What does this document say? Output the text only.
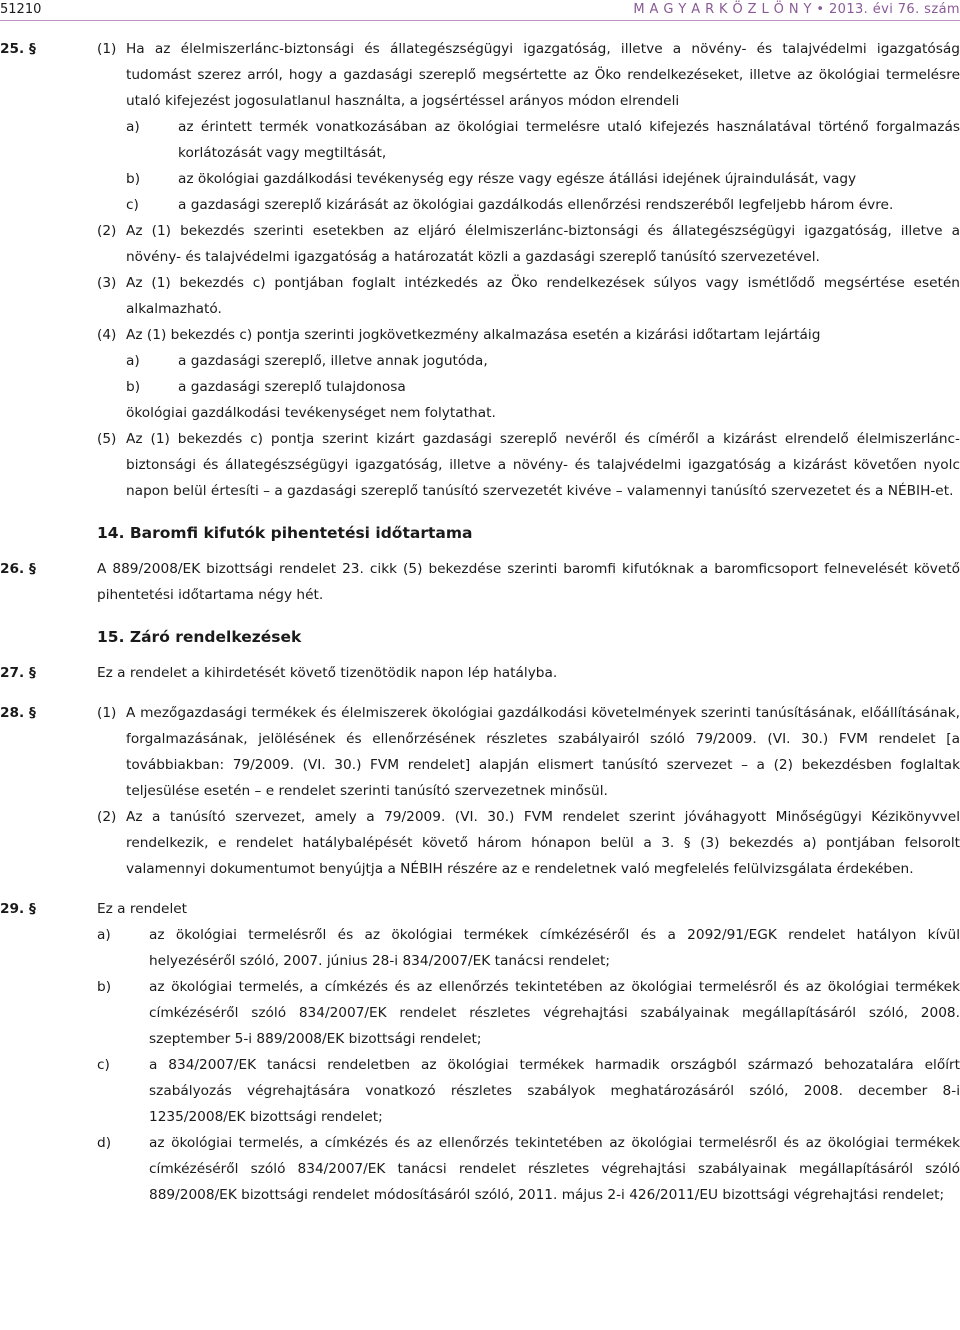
51210	M A G Y A R K Ö Z L Ö N Y • 2013. évi 76. szám
25. §	(1) Ha az élelmiszerlánc-biztonsági és állategészségügyi igazgatóság, illetve a növény- és talajvédelmi igazgatóság tudomást szerez arról, hogy a gazdasági szereplő megsértette az Öko rendelkezéseket, illetve az ökológiai termelésre utaló kifejezést jogosulatlanul használta, a jogsértéssel arányos módon elrendeli
a)	az érintett termék vonatkozásában az ökológiai termelésre utaló kifejezés használatával történő forgalmazás korlátozását vagy megtiltását,
b)	az ökológiai gazdálkodási tevékenység egy része vagy egésze átállási idejének újraindulását, vagy
c)	a gazdasági szereplő kizárását az ökológiai gazdálkodás ellenőrzési rendszeréből legfeljebb három évre.
(2) Az (1) bekezdés szerinti esetekben az eljáró élelmiszerlánc-biztonsági és állategészségügyi igazgatóság, illetve a növény- és talajvédelmi igazgatóság a határozatát közli a gazdasági szereplő tanúsító szervezetével.
(3) Az (1) bekezdés c) pontjában foglalt intézkedés az Öko rendelkezések súlyos vagy ismétlődő megsértése esetén alkalmazható.
(4) Az (1) bekezdés c) pontja szerinti jogkövetkezmény alkalmazása esetén a kizárási időtartam lejártáig
a)	a gazdasági szereplő, illetve annak jogutóda,
b)	a gazdasági szereplő tulajdonosa
ökológiai gazdálkodási tevékenységet nem folytathat.
(5) Az (1) bekezdés c) pontja szerint kizárt gazdasági szereplő nevéről és címéről a kizárást elrendelő élelmiszerlánc-biztonsági és állategészségügyi igazgatóság, illetve a növény- és talajvédelmi igazgatóság a kizárást követően nyolc napon belül értesíti – a gazdasági szereplő tanúsító szervezetét kivéve – valamennyi tanúsító szervezetet és a NÉBIH-et.
14. Baromfi kifutók pihentetési időtartama
26. §	A 889/2008/EK bizottsági rendelet 23. cikk (5) bekezdése szerinti baromfi kifutóknak a baromficsoport felnevelését követő pihentetési időtartama négy hét.
15. Záró rendelkezések
27. §	Ez a rendelet a kihirdetését követő tizenötödik napon lép hatályba.
28. §	(1) A mezőgazdasági termékek és élelmiszerek ökológiai gazdálkodási követelmények szerinti tanúsításának, előállításának, forgalmazásának, jelölésének és ellenőrzésének részletes szabályairól szóló 79/2009. (VI. 30.) FVM rendelet [a továbbiakban: 79/2009. (VI. 30.) FVM rendelet] alapján elismert tanúsító szervezet – a (2) bekezdésben foglaltak teljesülése esetén – e rendelet szerinti tanúsító szervezetnek minősül.
(2) Az a tanúsító szervezet, amely a 79/2009. (VI. 30.) FVM rendelet szerint jóváhagyott Minőségügyi Kézikönyvvel rendelkezik, e rendelet hatálybalépését követő három hónapon belül a 3. § (3) bekezdés a) pontjában felsorolt valamennyi dokumentumot benyújtja a NÉBIH részére az e rendeletnek való megfelelés felülvizsgálata érdekében.
29. §	Ez a rendelet
a)	az ökológiai termelésről és az ökológiai termékek címkézéséről és a 2092/91/EGK rendelet hatályon kívül helyezéséről szóló, 2007. június 28-i 834/2007/EK tanácsi rendelet;
b)	az ökológiai termelés, a címkézés és az ellenőrzés tekintetében az ökológiai termelésről és az ökológiai termékek címkézéséről szóló 834/2007/EK rendelet részletes végrehajtási szabályainak megállapításáról szóló, 2008. szeptember 5-i 889/2008/EK bizottsági rendelet;
c)	a 834/2007/EK tanácsi rendeletben az ökológiai termékek harmadik országból származó behozatalára előírt szabályozás végrehajtására vonatkozó részletes szabályok meghatározásáról szóló, 2008. december 8-i 1235/2008/EK bizottsági rendelet;
d)	az ökológiai termelés, a címkézés és az ellenőrzés tekintetében az ökológiai termelésről és az ökológiai termékek címkézéséről szóló 834/2007/EK tanácsi rendelet részletes végrehajtási szabályainak megállapításáról szóló 889/2008/EK bizottsági rendelet módosításáról szóló, 2011. május 2-i 426/2011/EU bizottsági végrehajtási rendelet;
